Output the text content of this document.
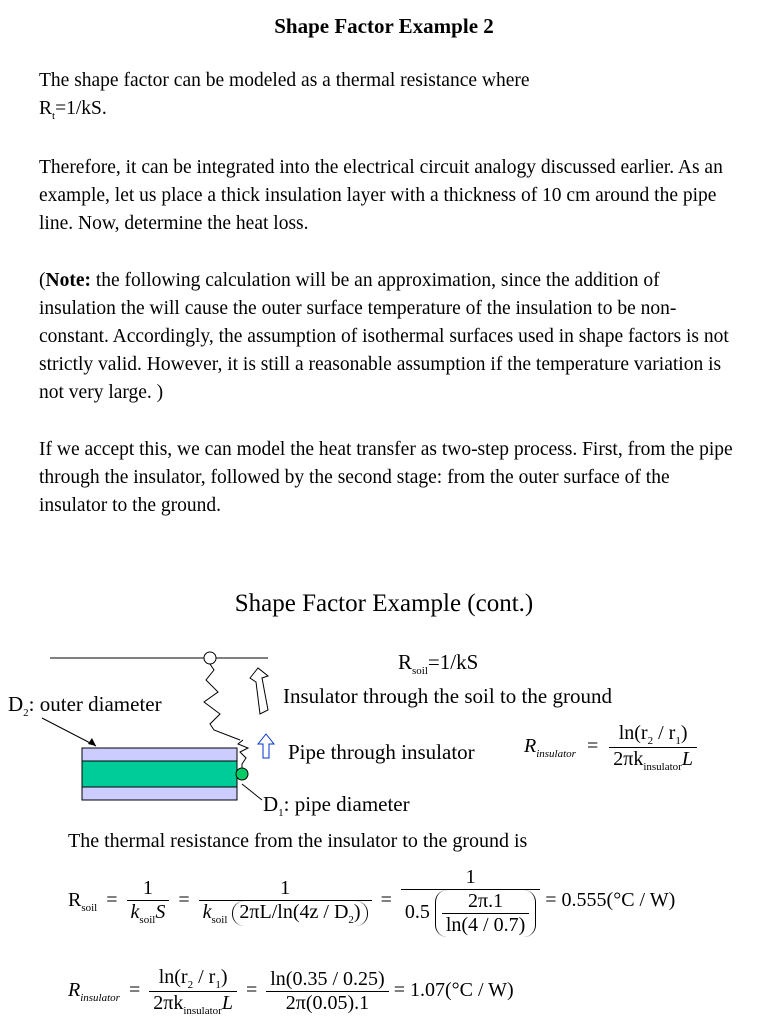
Shape Factor Example 2
The shape factor can be modeled as a thermal resistance where
$R_t=1/kS$.
Therefore, it can be integrated into the electrical circuit analogy discussed earlier. As an example, let us place a thick insulation layer with a thickness of 10 cm around the pipe line. Now, determine the heat loss.
(Note: the following calculation will be an approximation, since the addition of insulation the will cause the outer surface temperature of the insulation to be non-constant. Accordingly, the assumption of isothermal surfaces used in shape factors is not strictly valid. However, it is still a reasonable assumption if the temperature variation is not very large. )
If we accept this, we can model the heat transfer as two-step process. First, from the pipe through the insulator, followed by the second stage: from the outer surface of the insulator to the ground.
Shape Factor Example (cont.)
$R_{soil}=1/kS$
Insulator through the soil to the ground
$D_2$: outer diameter
Pipe through insulator $R_{insulator} = \frac{\ln(r_2 / r_1)}{2\pi k_{insulator}L}$
$D_1$: pipe diameter
The thermal resistance from the insulator to the ground is
$R_{soil} = \frac{1}{k_{soil}S} = \frac{1}{k_{soil} 2\pi L/\ln(4z / D_2)} = \frac{1}{0.5 \frac{2\pi.1}{\ln(4 / 0.7)}} = 0.555(^\circ C / W)$
$R_{insulator} = \frac{\ln(r_2 / r_1)}{2\pi k_{insulator}L} = \frac{\ln(0.35 / 0.25)}{2\pi(0.05).1} = 1.07(^\circ C / W)$
